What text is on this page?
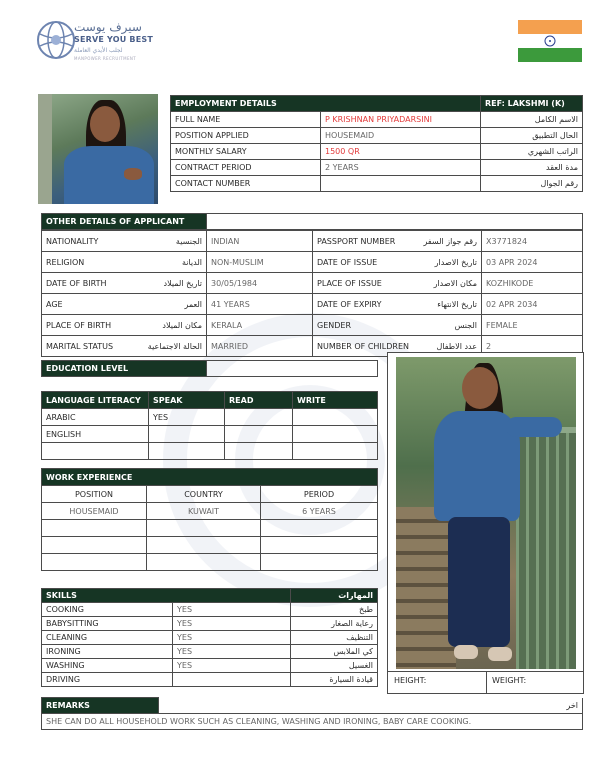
سيرف يوست
SERVE YOU BEST
لجلب الأيدي العاملة
MANPOWER RECRUITMENT
EMPLOYMENT DETAILS		REF: LAKSHMI (K)
FULL NAME	P KRISHNAN PRIYADARSINI	الاسم الكامل
POSITION APPLIED	HOUSEMAID	الحال التطبيق
MONTHLY SALARY	1500 QR	الراتب الشهري
CONTRACT PERIOD	2 YEARS	مدة العقد
CONTACT NUMBER		رقم الجوال
OTHER DETAILS OF APPLICANT			
NATIONALITY الجنسية	INDIAN	PASSPORT NUMBER رقم جواز السفر	X3771824

RELIGION الديانة	NON-MUSLIM	DATE OF ISSUE تاريخ الاصدار	03 APR 2024

DATE OF BIRTH تاريخ الميلاد	30/05/1984	PLACE OF ISSUE مكان الاصدار	KOZHIKODE

AGE العمر	41 YEARS	DATE OF EXPIRY تاريخ الانتهاء	02 APR 2034

PLACE OF BIRTH مكان الميلاد	KERALA	GENDER الجنس	FEMALE

MARITAL STATUS الحالة الاجتماعية	MARRIED	NUMBER OF CHILDREN عدد الاطفال	2
EDUCATION LEVEL	
LANGUAGE LITERACY	SPEAK	READ	WRITE
ARABIC	YES		
ENGLISH			

WORK EXPERIENCE		
POSITION	COUNTRY	PERIOD
HOUSEMAID	KUWAIT	6 YEARS

SKILLS		المهارات
COOKING	YES	طبخ
BABYSITTING	YES	رعاية الصغار
CLEANING	YES	التنظيف
IRONING	YES	كي الملابس
WASHING	YES	الغسيل
DRIVING		قيادة السيارة
REMARKS	اخر
SHE CAN DO ALL HOUSEHOLD WORK SUCH AS CLEANING, WASHING AND IRONING, BABY CARE COOKING.
HEIGHT:	WEIGHT:
